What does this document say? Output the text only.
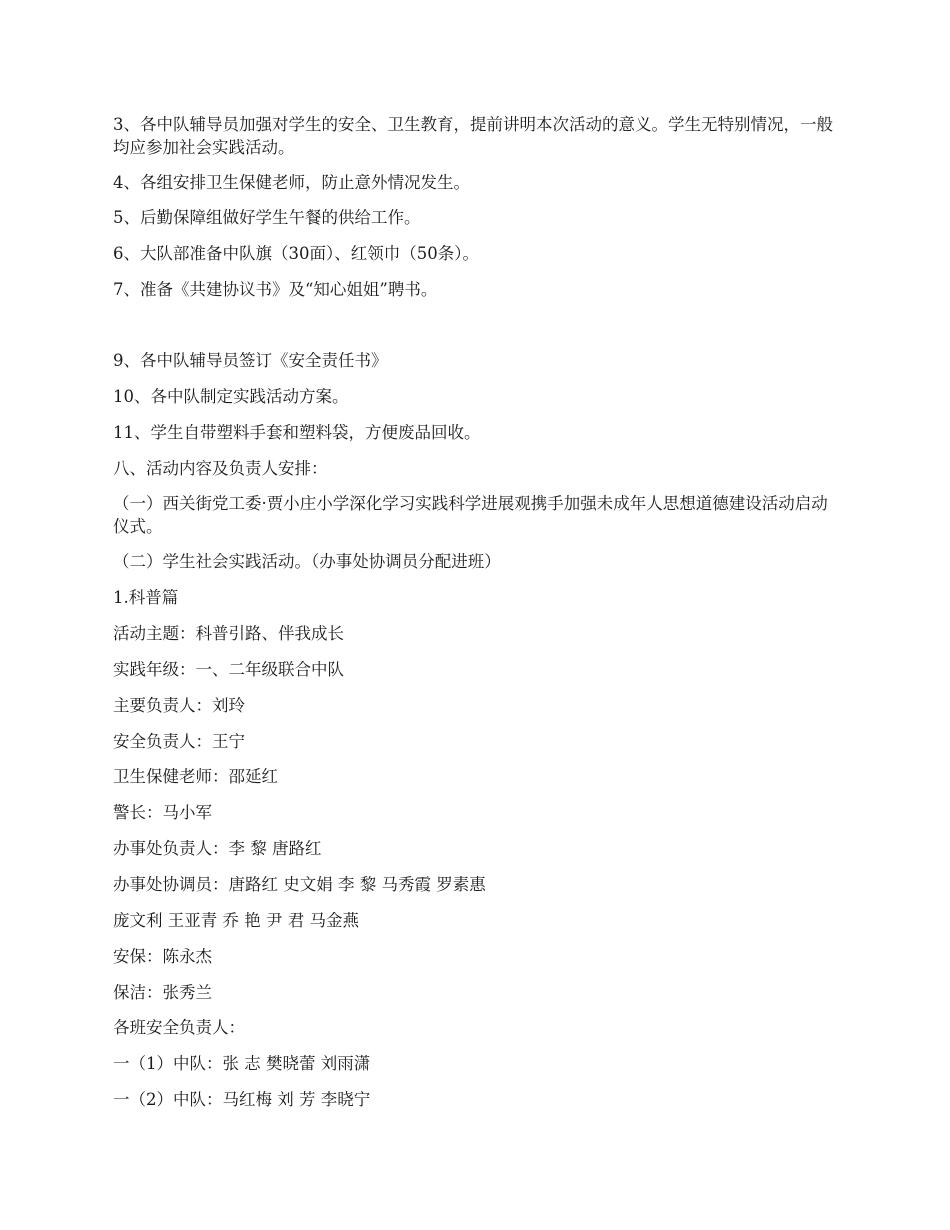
3、各中队辅导员加强对学生的安全、卫生教育，提前讲明本次活动的意义。学生无特别情况，一般均应参加社会实践活动。

4、各组安排卫生保健老师，防止意外情况发生。

5、后勤保障组做好学生午餐的供给工作。

6、大队部准备中队旗（30面）、红领巾（50条）。

7、准备《共建协议书》及“知心姐姐”聘书。

9、各中队辅导员签订《安全责任书》

10、各中队制定实践活动方案。

11、学生自带塑料手套和塑料袋，方便废品回收。

八、活动内容及负责人安排：

（一）西关街党工委·贾小庄小学深化学习实践科学进展观携手加强未成年人思想道德建设活动启动仪式。

（二）学生社会实践活动。（办事处协调员分配进班）

1.科普篇

活动主题：科普引路、伴我成长

实践年级：一、二年级联合中队

主要负责人：刘玲

安全负责人：王宁

卫生保健老师：邵延红

警长：马小军

办事处负责人：李 黎 唐路红

办事处协调员：唐路红 史文娟 李 黎 马秀霞 罗素惠

庞文利 王亚青 乔 艳 尹 君 马金燕

安保：陈永杰

保洁：张秀兰

各班安全负责人：

一（1）中队：张 志 樊晓蕾 刘雨潇

一（2）中队：马红梅 刘 芳 李晓宁
